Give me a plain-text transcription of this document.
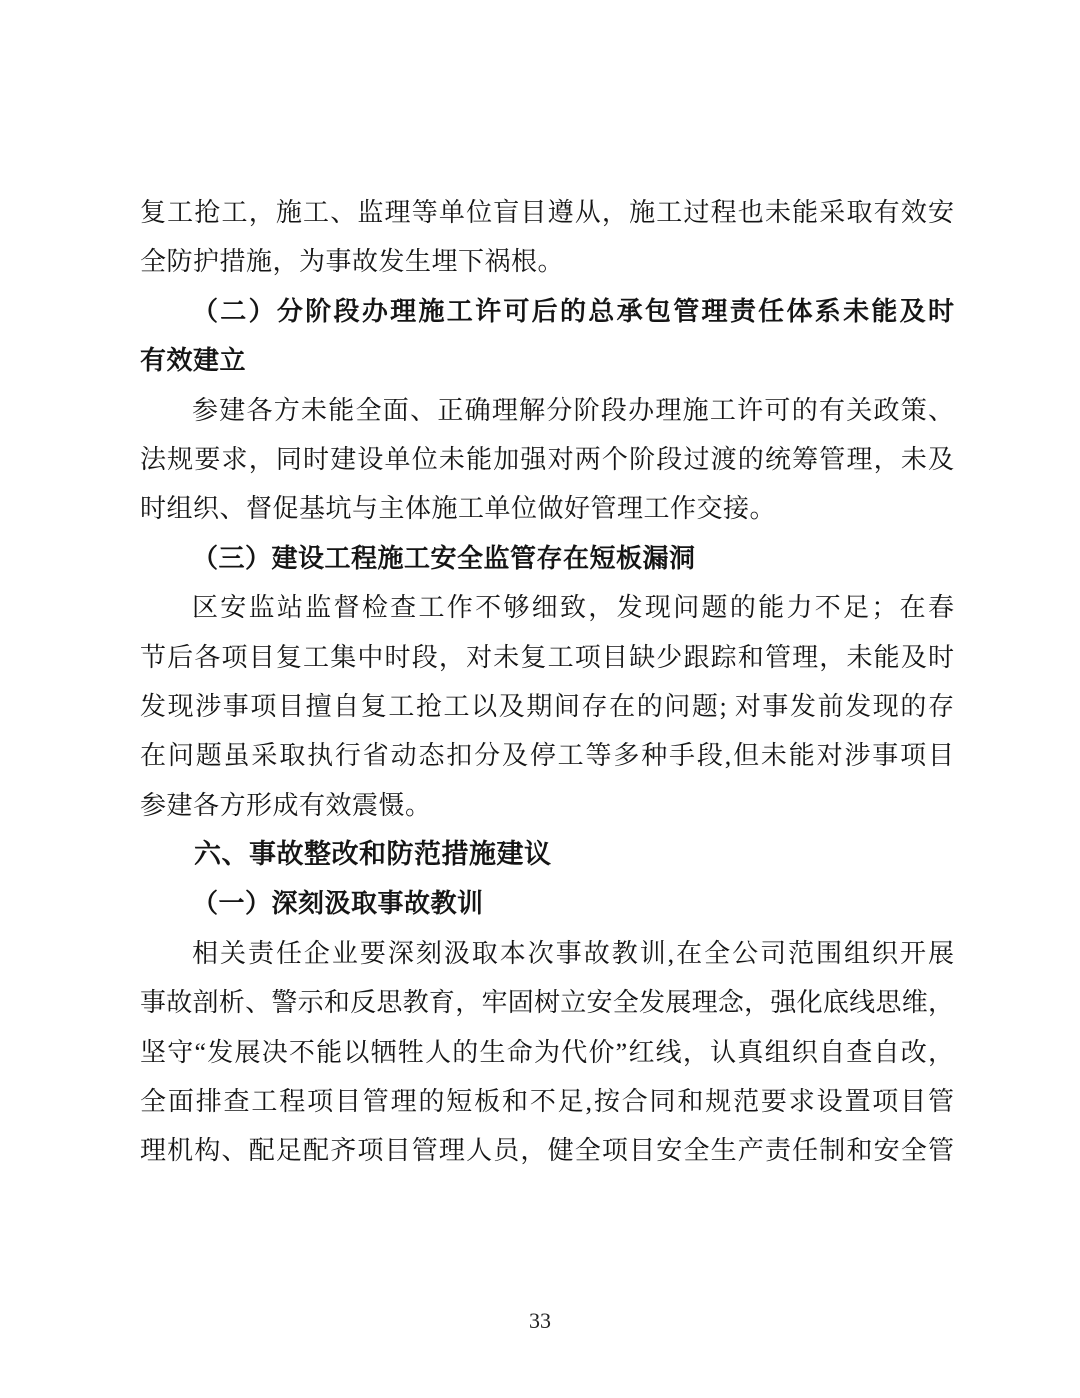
复工抢工，施工、监理等单位盲目遵从，施工过程也未能采取有效安
全防护措施，为事故发生埋下祸根。
（二）分阶段办理施工许可后的总承包管理责任体系未能及时
有效建立
参建各方未能全面、正确理解分阶段办理施工许可的有关政策、
法规要求，同时建设单位未能加强对两个阶段过渡的统筹管理，未及
时组织、督促基坑与主体施工单位做好管理工作交接。
（三）建设工程施工安全监管存在短板漏洞
区安监站监督检查工作不够细致，发现问题的能力不足；在春
节后各项目复工集中时段，对未复工项目缺少跟踪和管理，未能及时
发现涉事项目擅自复工抢工以及期间存在的问题; 对事发前发现的存
在问题虽采取执行省动态扣分及停工等多种手段,但未能对涉事项目
参建各方形成有效震慑。
六、事故整改和防范措施建议
（一）深刻汲取事故教训
相关责任企业要深刻汲取本次事故教训,在全公司范围组织开展
事故剖析、警示和反思教育，牢固树立安全发展理念，强化底线思维，
坚守“发展决不能以牺牲人的生命为代价”红线，认真组织自查自改，
全面排查工程项目管理的短板和不足,按合同和规范要求设置项目管
理机构、配足配齐项目管理人员，健全项目安全生产责任制和安全管
33
